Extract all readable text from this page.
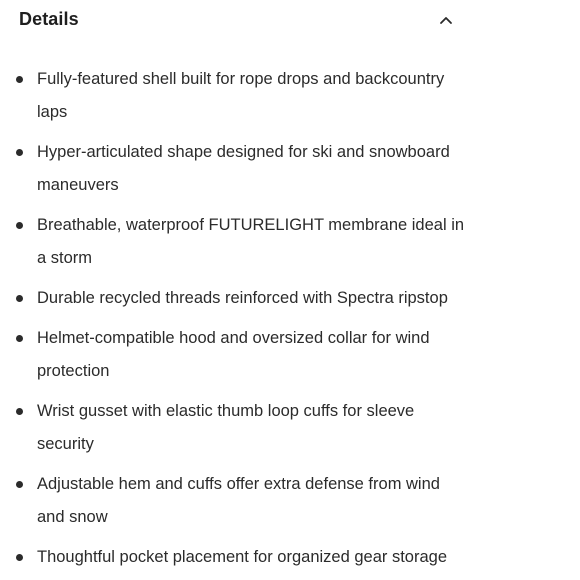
Details
Fully-featured shell built for rope drops and backcountry laps
Hyper-articulated shape designed for ski and snowboard maneuvers
Breathable, waterproof FUTURELIGHT membrane ideal in a storm
Durable recycled threads reinforced with Spectra ripstop
Helmet-compatible hood and oversized collar for wind protection
Wrist gusset with elastic thumb loop cuffs for sleeve security
Adjustable hem and cuffs offer extra defense from wind and snow
Thoughtful pocket placement for organized gear storage
